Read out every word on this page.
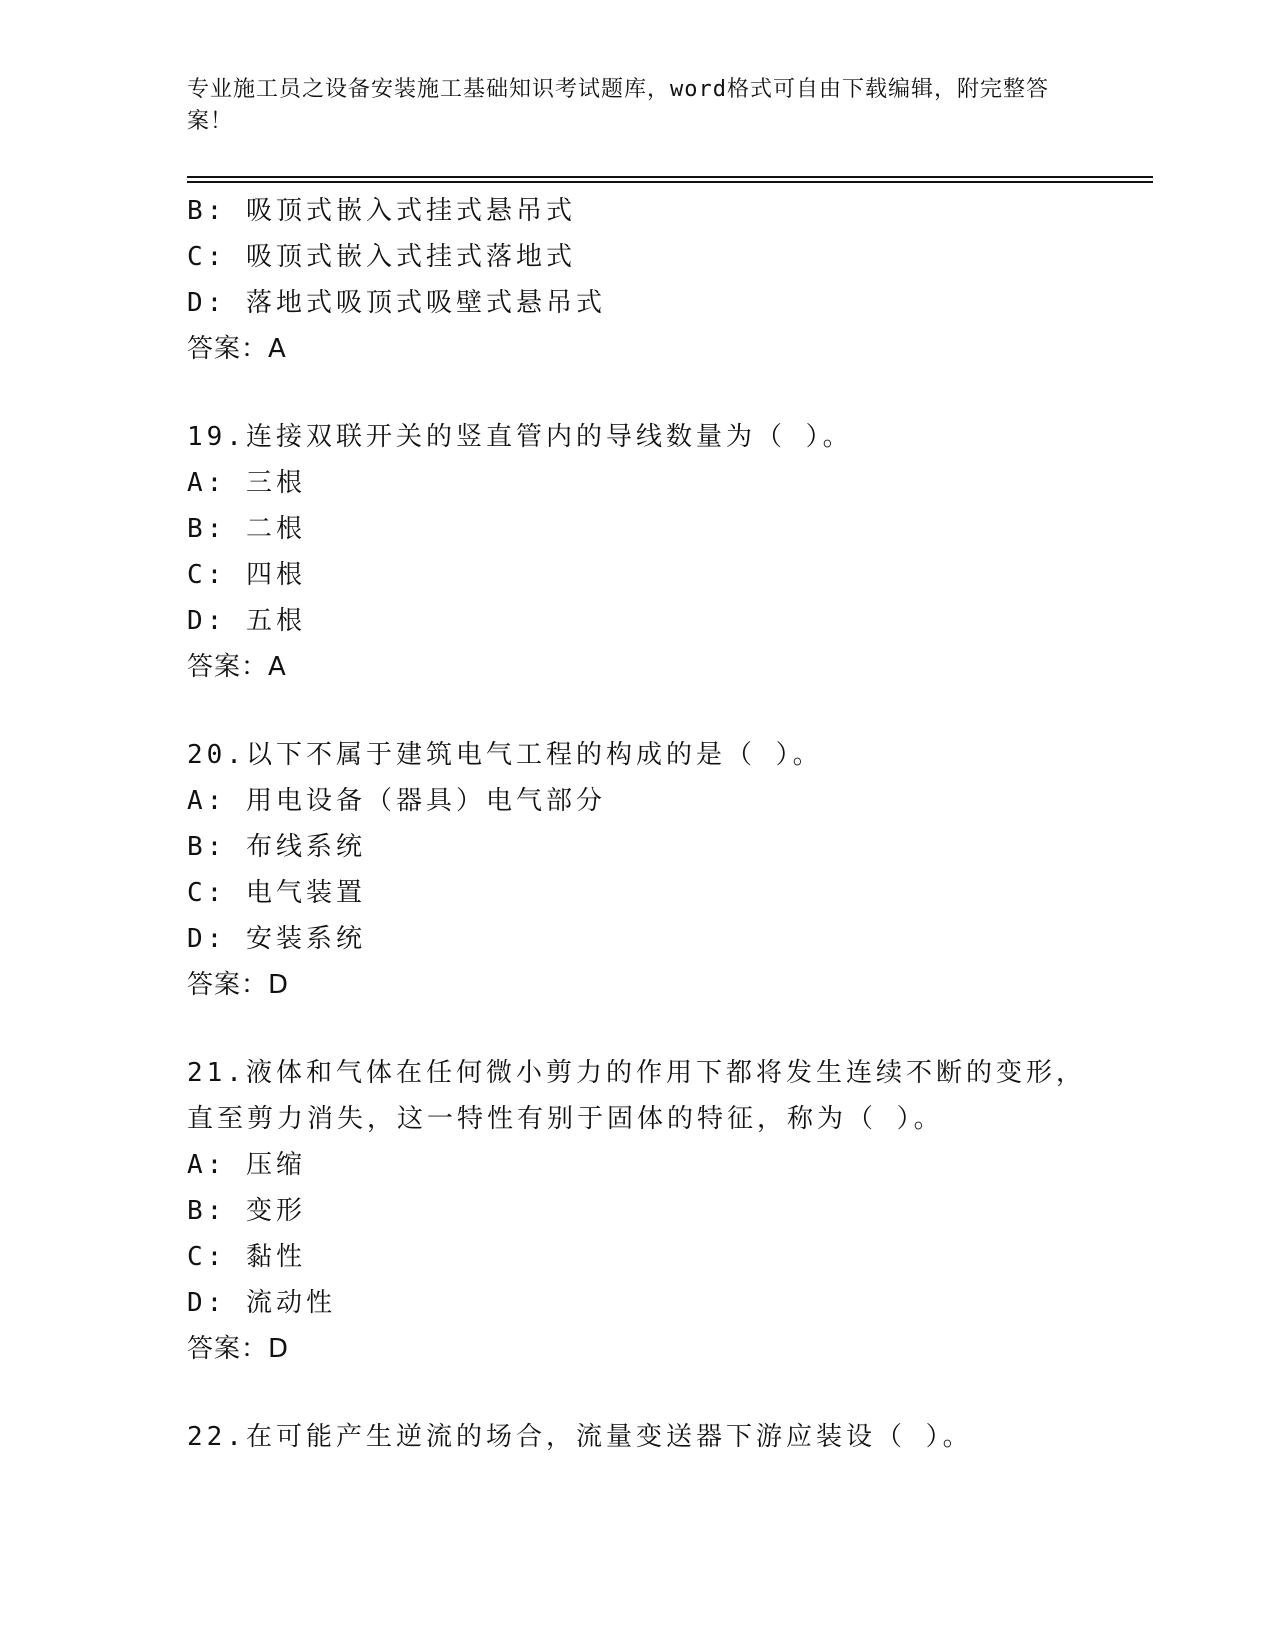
专业施工员之设备安装施工基础知识考试题库，word格式可自由下载编辑，附完整答案！
B: 吸顶式嵌入式挂式悬吊式
C: 吸顶式嵌入式挂式落地式
D: 落地式吸顶式吸壁式悬吊式
答案：A
19.连接双联开关的竖直管内的导线数量为（ ）。
A: 三根
B: 二根
C: 四根
D: 五根
答案：A
20.以下不属于建筑电气工程的构成的是（ ）。
A: 用电设备（器具）电气部分
B: 布线系统
C: 电气装置
D: 安装系统
答案：D
21.液体和气体在任何微小剪力的作用下都将发生连续不断的变形，直至剪力消失，这一特性有别于固体的特征，称为（ ）。
A: 压缩
B: 变形
C: 黏性
D: 流动性
答案：D
22.在可能产生逆流的场合，流量变送器下游应装设（ ）。
